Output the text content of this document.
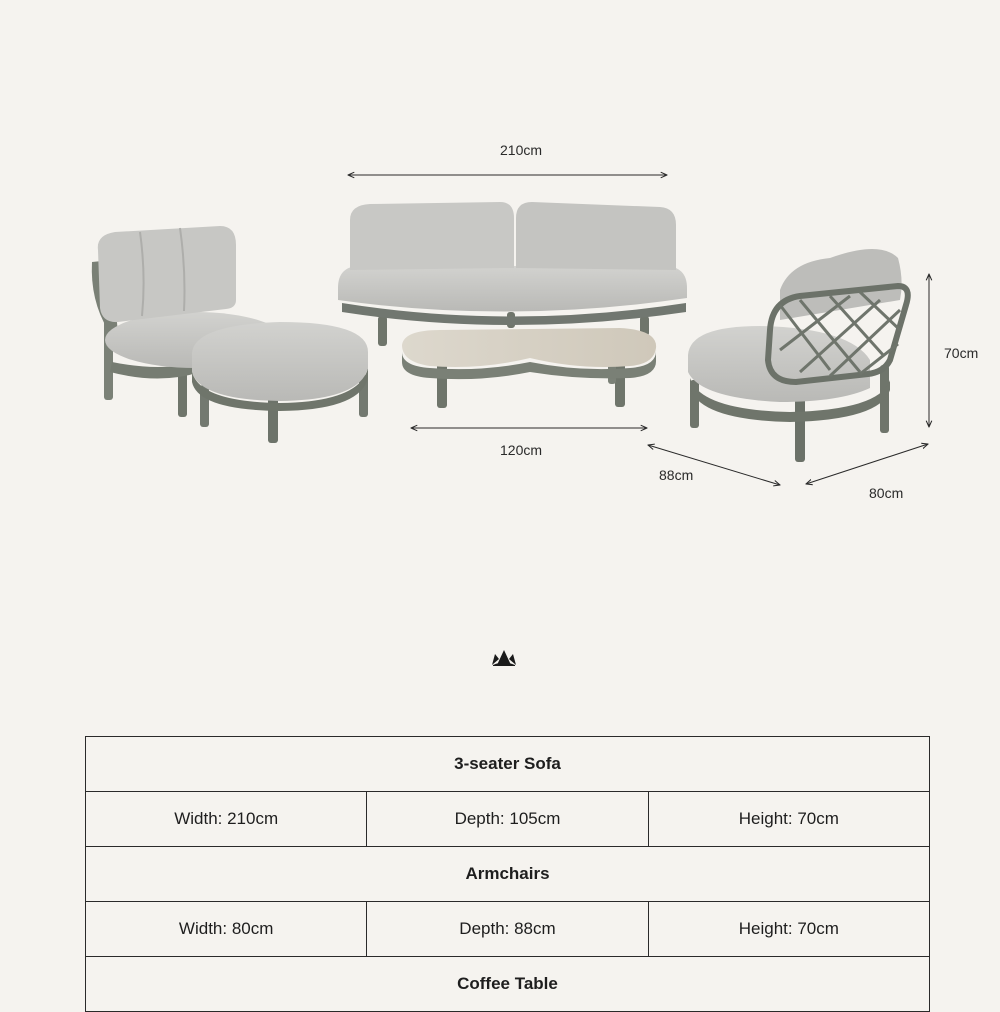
210cm
120cm
70cm
88cm
80cm
3-seater Sofa		
Width: 210cm	Depth: 105cm	Height: 70cm
Armchairs		
Width: 80cm	Depth: 88cm	Height: 70cm
Coffee Table		
